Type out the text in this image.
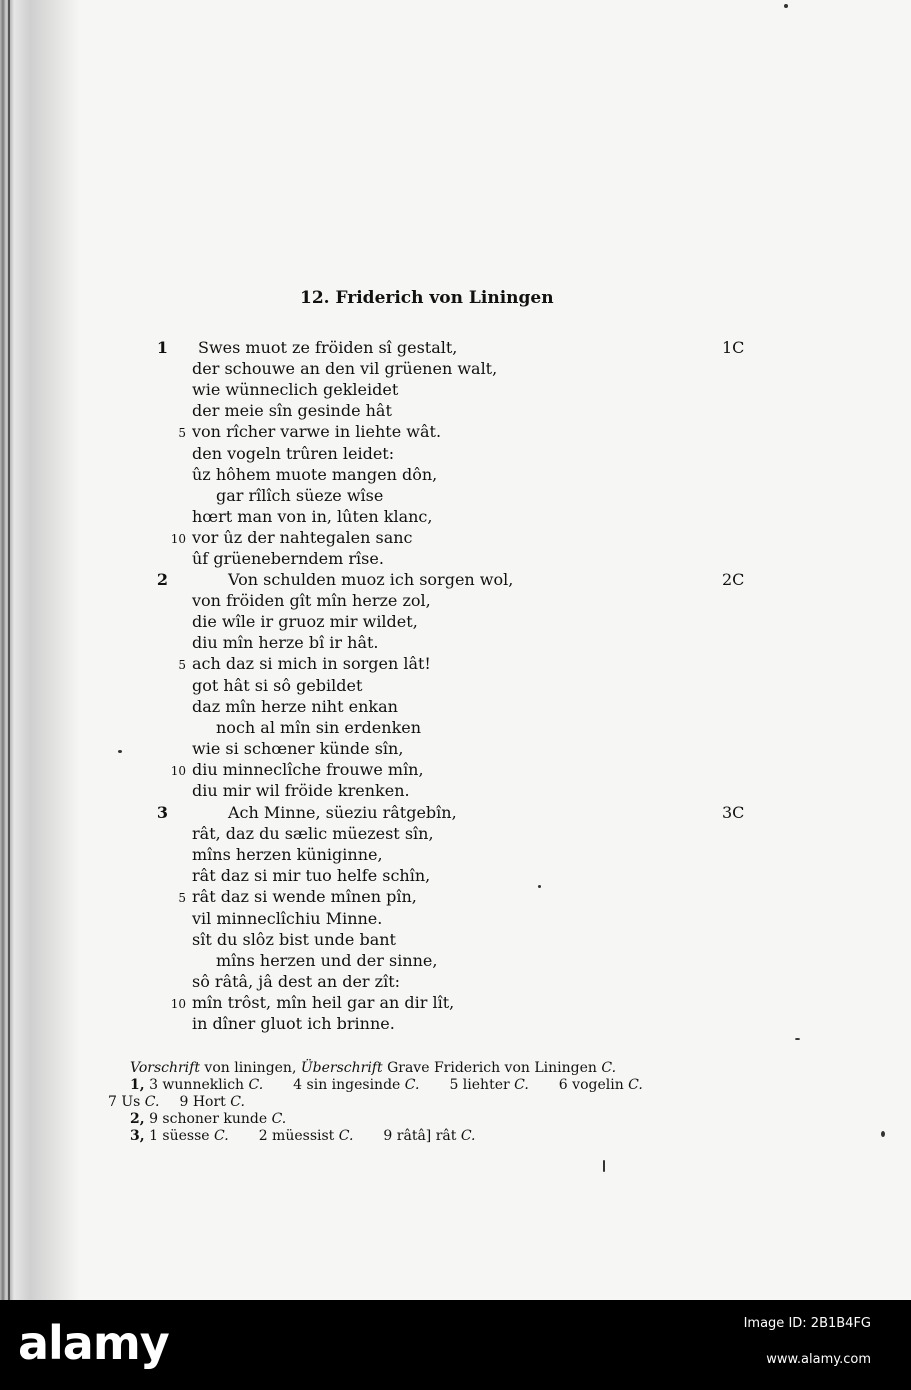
12. Friderich von Liningen
1	1C
Swes muot ze fröiden sî gestalt,
der schouwe an den vil grüenen walt,
wie wünneclich gekleidet
der meie sîn gesinde hât
von rîcher varwe in liehte wât.
5
den vogeln trûren leidet:
ûz hôhem muote mangen dôn,
gar rîlîch süeze wîse
hœrt man von in, lûten klanc,
vor ûz der nahtegalen sanc
10
ûf grüeneberndem rîse.
2	2C
Von schulden muoz ich sorgen wol,
von fröiden gît mîn herze zol,
die wîle ir gruoz mir wildet,
diu mîn herze bî ir hât.
ach daz si mich in sorgen lât!
5
got hât si sô gebildet
daz mîn herze niht enkan
noch al mîn sin erdenken
wie si schœner künde sîn,
diu minneclîche frouwe mîn,
10
diu mir wil fröide krenken.
3	3C
Ach Minne, süeziu râtgebîn,
rât, daz du sælic müezest sîn,
mîns herzen küniginne,
rât daz si mir tuo helfe schîn,
rât daz si wende mînen pîn,
5
vil minneclîchiu Minne.
sît du slôz bist unde bant
mîns herzen und der sinne,
sô râtâ, jâ dest an der zît:
mîn trôst, mîn heil gar an dir lît,
10
in dîner gluot ich brinne.
Vorschrift von liningen, Überschrift Grave Friderich von Liningen C.
1, 3 wunneklich C. 4 sin ingesinde C. 5 liehter C. 6 vogelin C.
7 Us C. 9 Hort C.
2, 9 schoner kunde C.
3, 1 süesse C. 2 müessist C. 9 râtâ] rât C.
alamy	Image ID: 2B1B4FG
www.alamy.com
